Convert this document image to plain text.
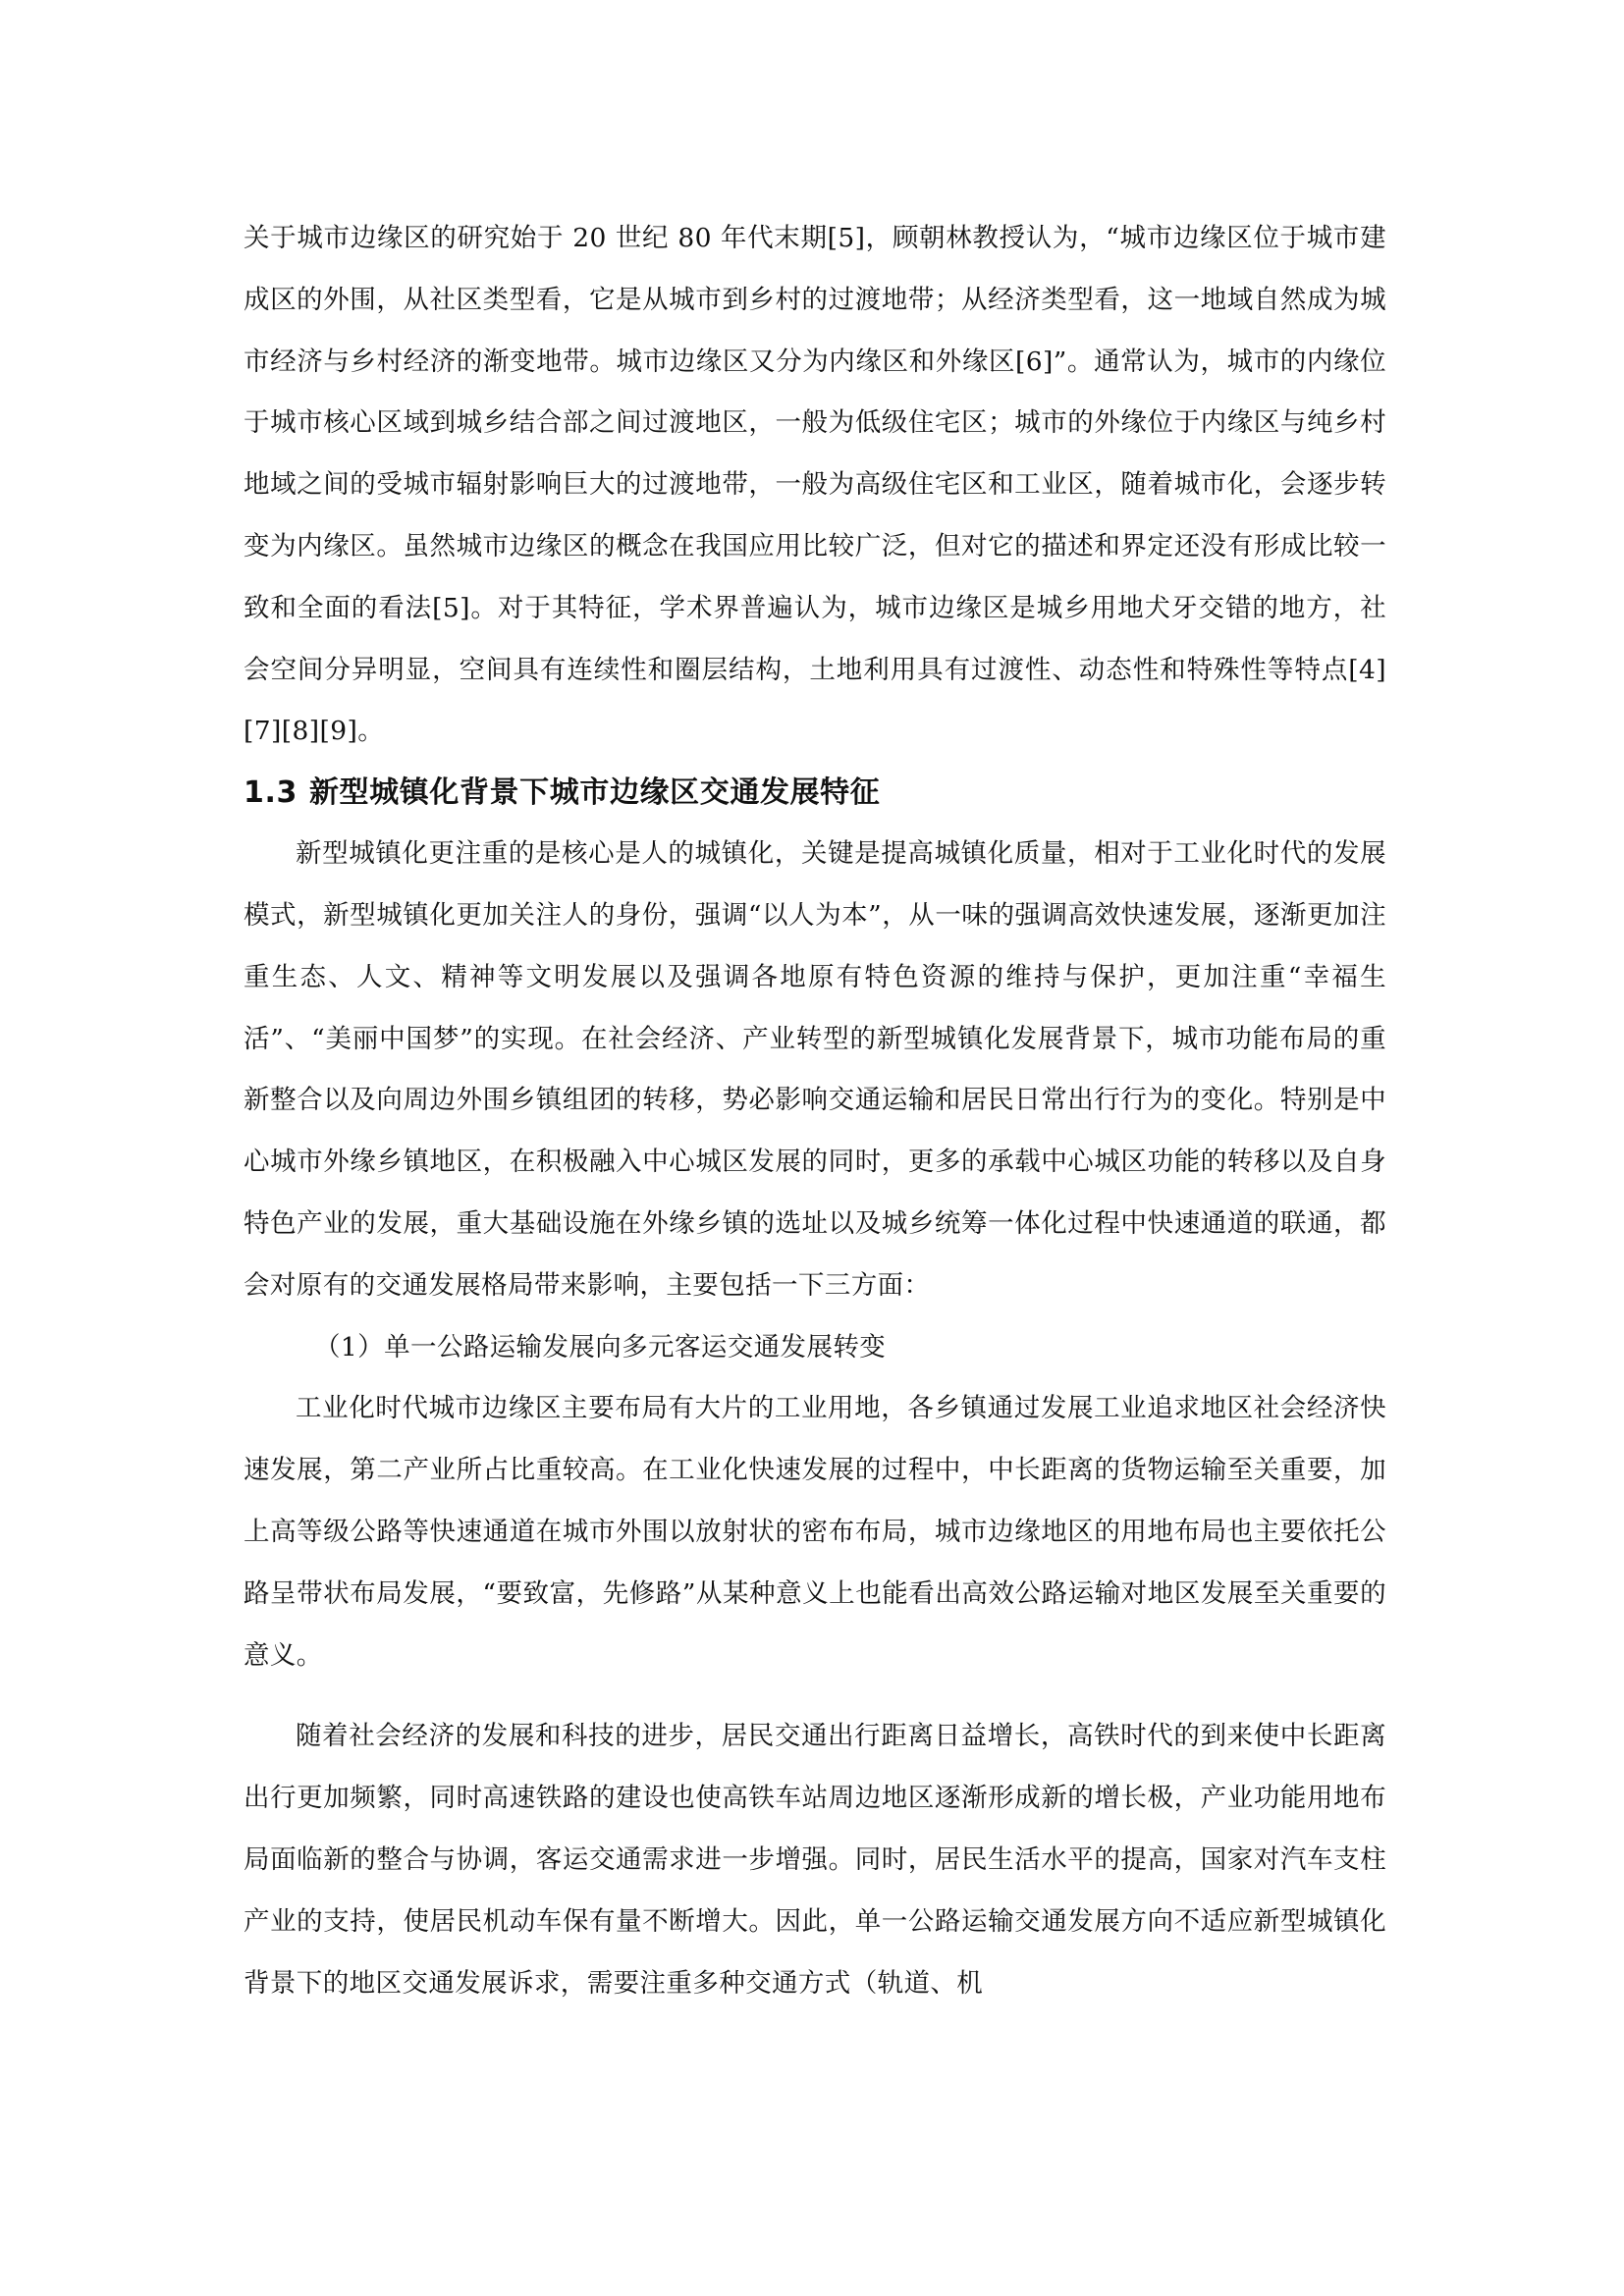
关于城市边缘区的研究始于 20 世纪 80 年代末期[5]，顾朝林教授认为，“城市边缘区位于城市建成区的外围，从社区类型看，它是从城市到乡村的过渡地带；从经济类型看，这一地域自然成为城市经济与乡村经济的渐变地带。城市边缘区又分为内缘区和外缘区[6]”。通常认为，城市的内缘位于城市核心区域到城乡结合部之间过渡地区，一般为低级住宅区；城市的外缘位于内缘区与纯乡村地域之间的受城市辐射影响巨大的过渡地带，一般为高级住宅区和工业区，随着城市化，会逐步转变为内缘区。虽然城市边缘区的概念在我国应用比较广泛，但对它的描述和界定还没有形成比较一致和全面的看法[5]。对于其特征，学术界普遍认为，城市边缘区是城乡用地犬牙交错的地方，社会空间分异明显，空间具有连续性和圈层结构，土地利用具有过渡性、动态性和特殊性等特点[4][7][8][9]。

1.3 新型城镇化背景下城市边缘区交通发展特征

新型城镇化更注重的是核心是人的城镇化，关键是提高城镇化质量，相对于工业化时代的发展模式，新型城镇化更加关注人的身份，强调“以人为本”，从一味的强调高效快速发展，逐渐更加注重生态、人文、精神等文明发展以及强调各地原有特色资源的维持与保护，更加注重“幸福生活”、“美丽中国梦”的实现。在社会经济、产业转型的新型城镇化发展背景下，城市功能布局的重新整合以及向周边外围乡镇组团的转移，势必影响交通运输和居民日常出行行为的变化。特别是中心城市外缘乡镇地区，在积极融入中心城区发展的同时，更多的承载中心城区功能的转移以及自身特色产业的发展，重大基础设施在外缘乡镇的选址以及城乡统筹一体化过程中快速通道的联通，都会对原有的交通发展格局带来影响，主要包括一下三方面：

（1）单一公路运输发展向多元客运交通发展转变

工业化时代城市边缘区主要布局有大片的工业用地，各乡镇通过发展工业追求地区社会经济快速发展，第二产业所占比重较高。在工业化快速发展的过程中，中长距离的货物运输至关重要，加上高等级公路等快速通道在城市外围以放射状的密布布局，城市边缘地区的用地布局也主要依托公路呈带状布局发展，“要致富，先修路”从某种意义上也能看出高效公路运输对地区发展至关重要的意义。

随着社会经济的发展和科技的进步，居民交通出行距离日益增长，高铁时代的到来使中长距离出行更加频繁，同时高速铁路的建设也使高铁车站周边地区逐渐形成新的增长极，产业功能用地布局面临新的整合与协调，客运交通需求进一步增强。同时，居民生活水平的提高，国家对汽车支柱产业的支持，使居民机动车保有量不断增大。因此，单一公路运输交通发展方向不适应新型城镇化背景下的地区交通发展诉求，需要注重多种交通方式（轨道、机
